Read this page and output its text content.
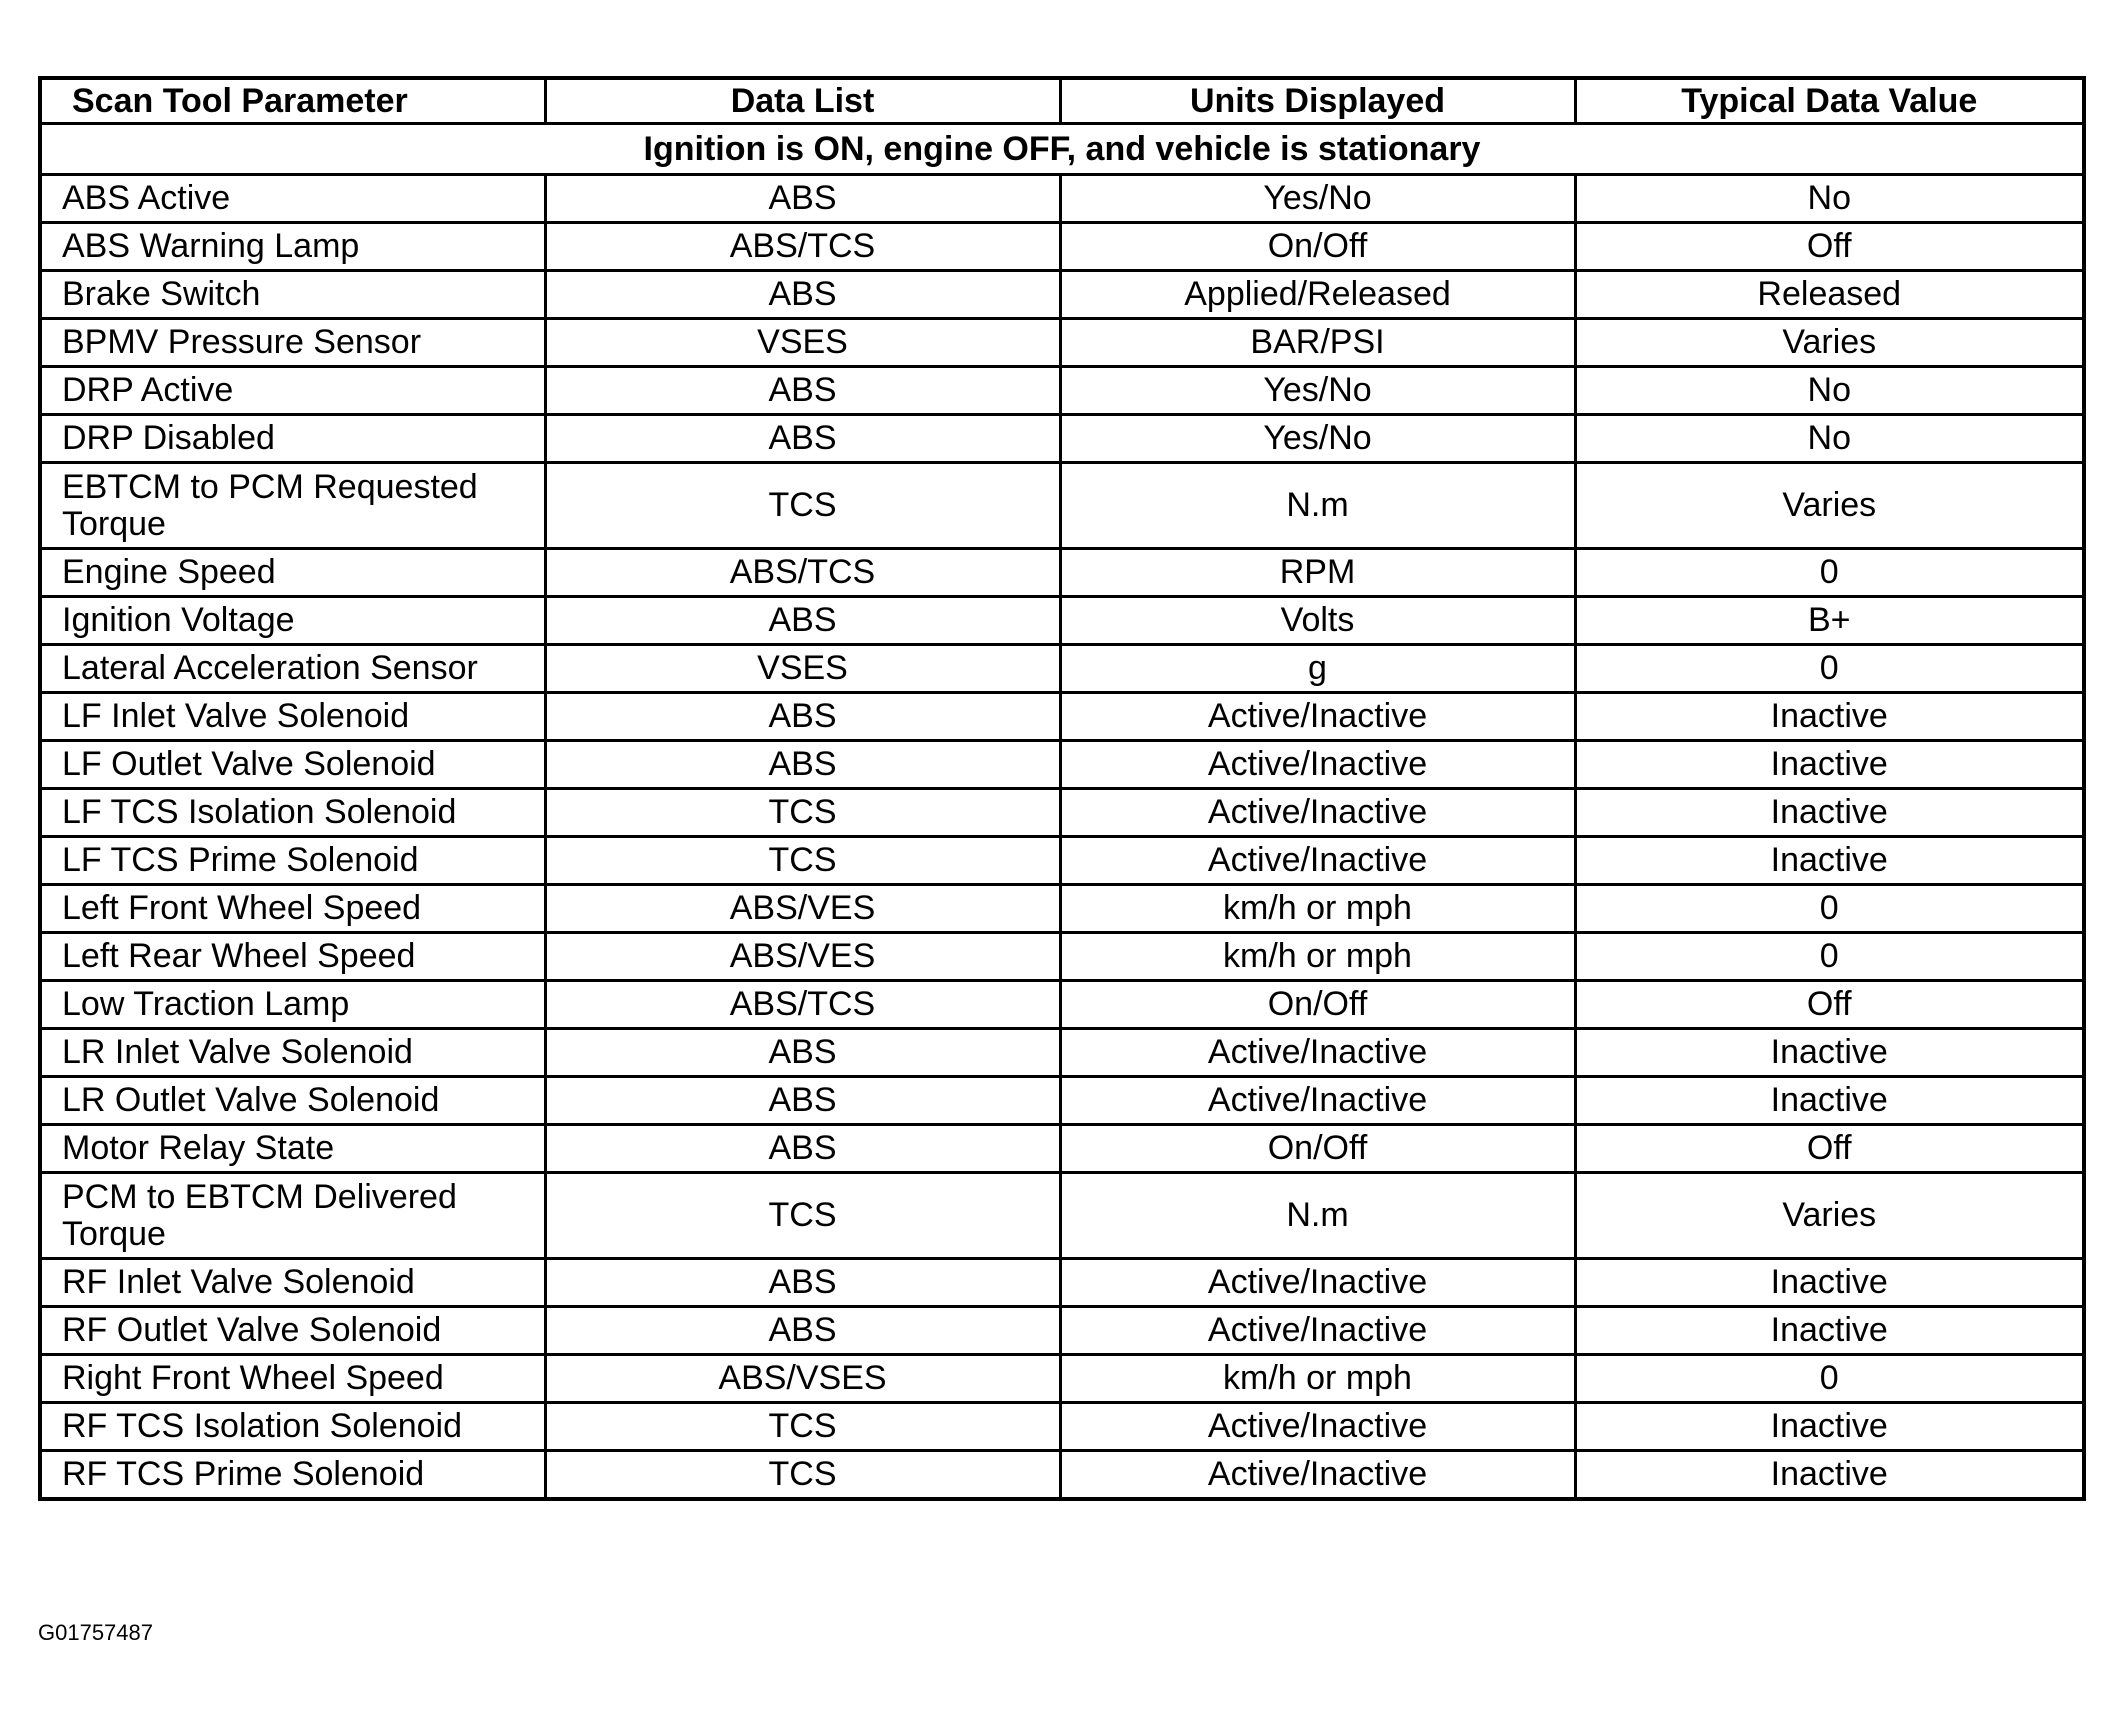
Scan Tool Parameter	Data List	Units Displayed	Typical Data Value
Ignition is ON, engine OFF, and vehicle is stationary			
ABS Active	ABS	Yes/No	No
ABS Warning Lamp	ABS/TCS	On/Off	Off
Brake Switch	ABS	Applied/Released	Released
BPMV Pressure Sensor	VSES	BAR/PSI	Varies
DRP Active	ABS	Yes/No	No
DRP Disabled	ABS	Yes/No	No
EBTCM to PCM Requested Torque	TCS	N.m	Varies
Engine Speed	ABS/TCS	RPM	0
Ignition Voltage	ABS	Volts	B+
Lateral Acceleration Sensor	VSES	g	0
LF Inlet Valve Solenoid	ABS	Active/Inactive	Inactive
LF Outlet Valve Solenoid	ABS	Active/Inactive	Inactive
LF TCS Isolation Solenoid	TCS	Active/Inactive	Inactive
LF TCS Prime Solenoid	TCS	Active/Inactive	Inactive
Left Front Wheel Speed	ABS/VES	km/h or mph	0
Left Rear Wheel Speed	ABS/VES	km/h or mph	0
Low Traction Lamp	ABS/TCS	On/Off	Off
LR Inlet Valve Solenoid	ABS	Active/Inactive	Inactive
LR Outlet Valve Solenoid	ABS	Active/Inactive	Inactive
Motor Relay State	ABS	On/Off	Off
PCM to EBTCM Delivered Torque	TCS	N.m	Varies
RF Inlet Valve Solenoid	ABS	Active/Inactive	Inactive
RF Outlet Valve Solenoid	ABS	Active/Inactive	Inactive
Right Front Wheel Speed	ABS/VSES	km/h or mph	0
RF TCS Isolation Solenoid	TCS	Active/Inactive	Inactive
RF TCS Prime Solenoid	TCS	Active/Inactive	Inactive
G01757487
